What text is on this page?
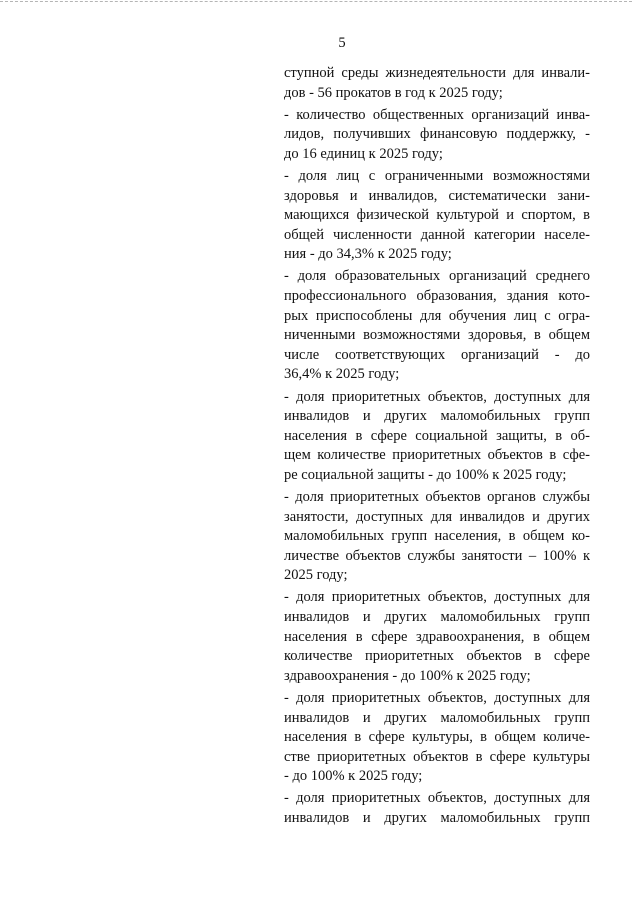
5
ступной среды жизнедеятельности для инвали-
дов - 56 прокатов в год к 2025 году;
- количество общественных организаций инва-
лидов, получивших финансовую поддержку, -
до 16 единиц к 2025 году;
- доля лиц с ограниченными возможностями
здоровья и инвалидов, систематически зани-
мающихся физической культурой и спортом, в
общей численности данной категории населе-
ния - до 34,3% к 2025 году;
- доля образовательных организаций среднего
профессионального образования, здания кото-
рых приспособлены для обучения лиц с огра-
ниченными возможностями здоровья, в общем
числе соответствующих организаций - до
36,4% к 2025 году;
- доля приоритетных объектов, доступных для
инвалидов и других маломобильных групп
населения в сфере социальной защиты, в об-
щем количестве приоритетных объектов в сфе-
ре социальной защиты - до 100% к 2025 году;
- доля приоритетных объектов органов службы
занятости, доступных для инвалидов и других
маломобильных групп населения, в общем ко-
личестве объектов службы занятости – 100% к
2025 году;
- доля приоритетных объектов, доступных для
инвалидов и других маломобильных групп
населения в сфере здравоохранения, в общем
количестве приоритетных объектов в сфере
здравоохранения - до 100% к 2025 году;
- доля приоритетных объектов, доступных для
инвалидов и других маломобильных групп
населения в сфере культуры, в общем количе-
стве приоритетных объектов в сфере культуры
- до 100% к 2025 году;
- доля приоритетных объектов, доступных для
инвалидов и других маломобильных групп
